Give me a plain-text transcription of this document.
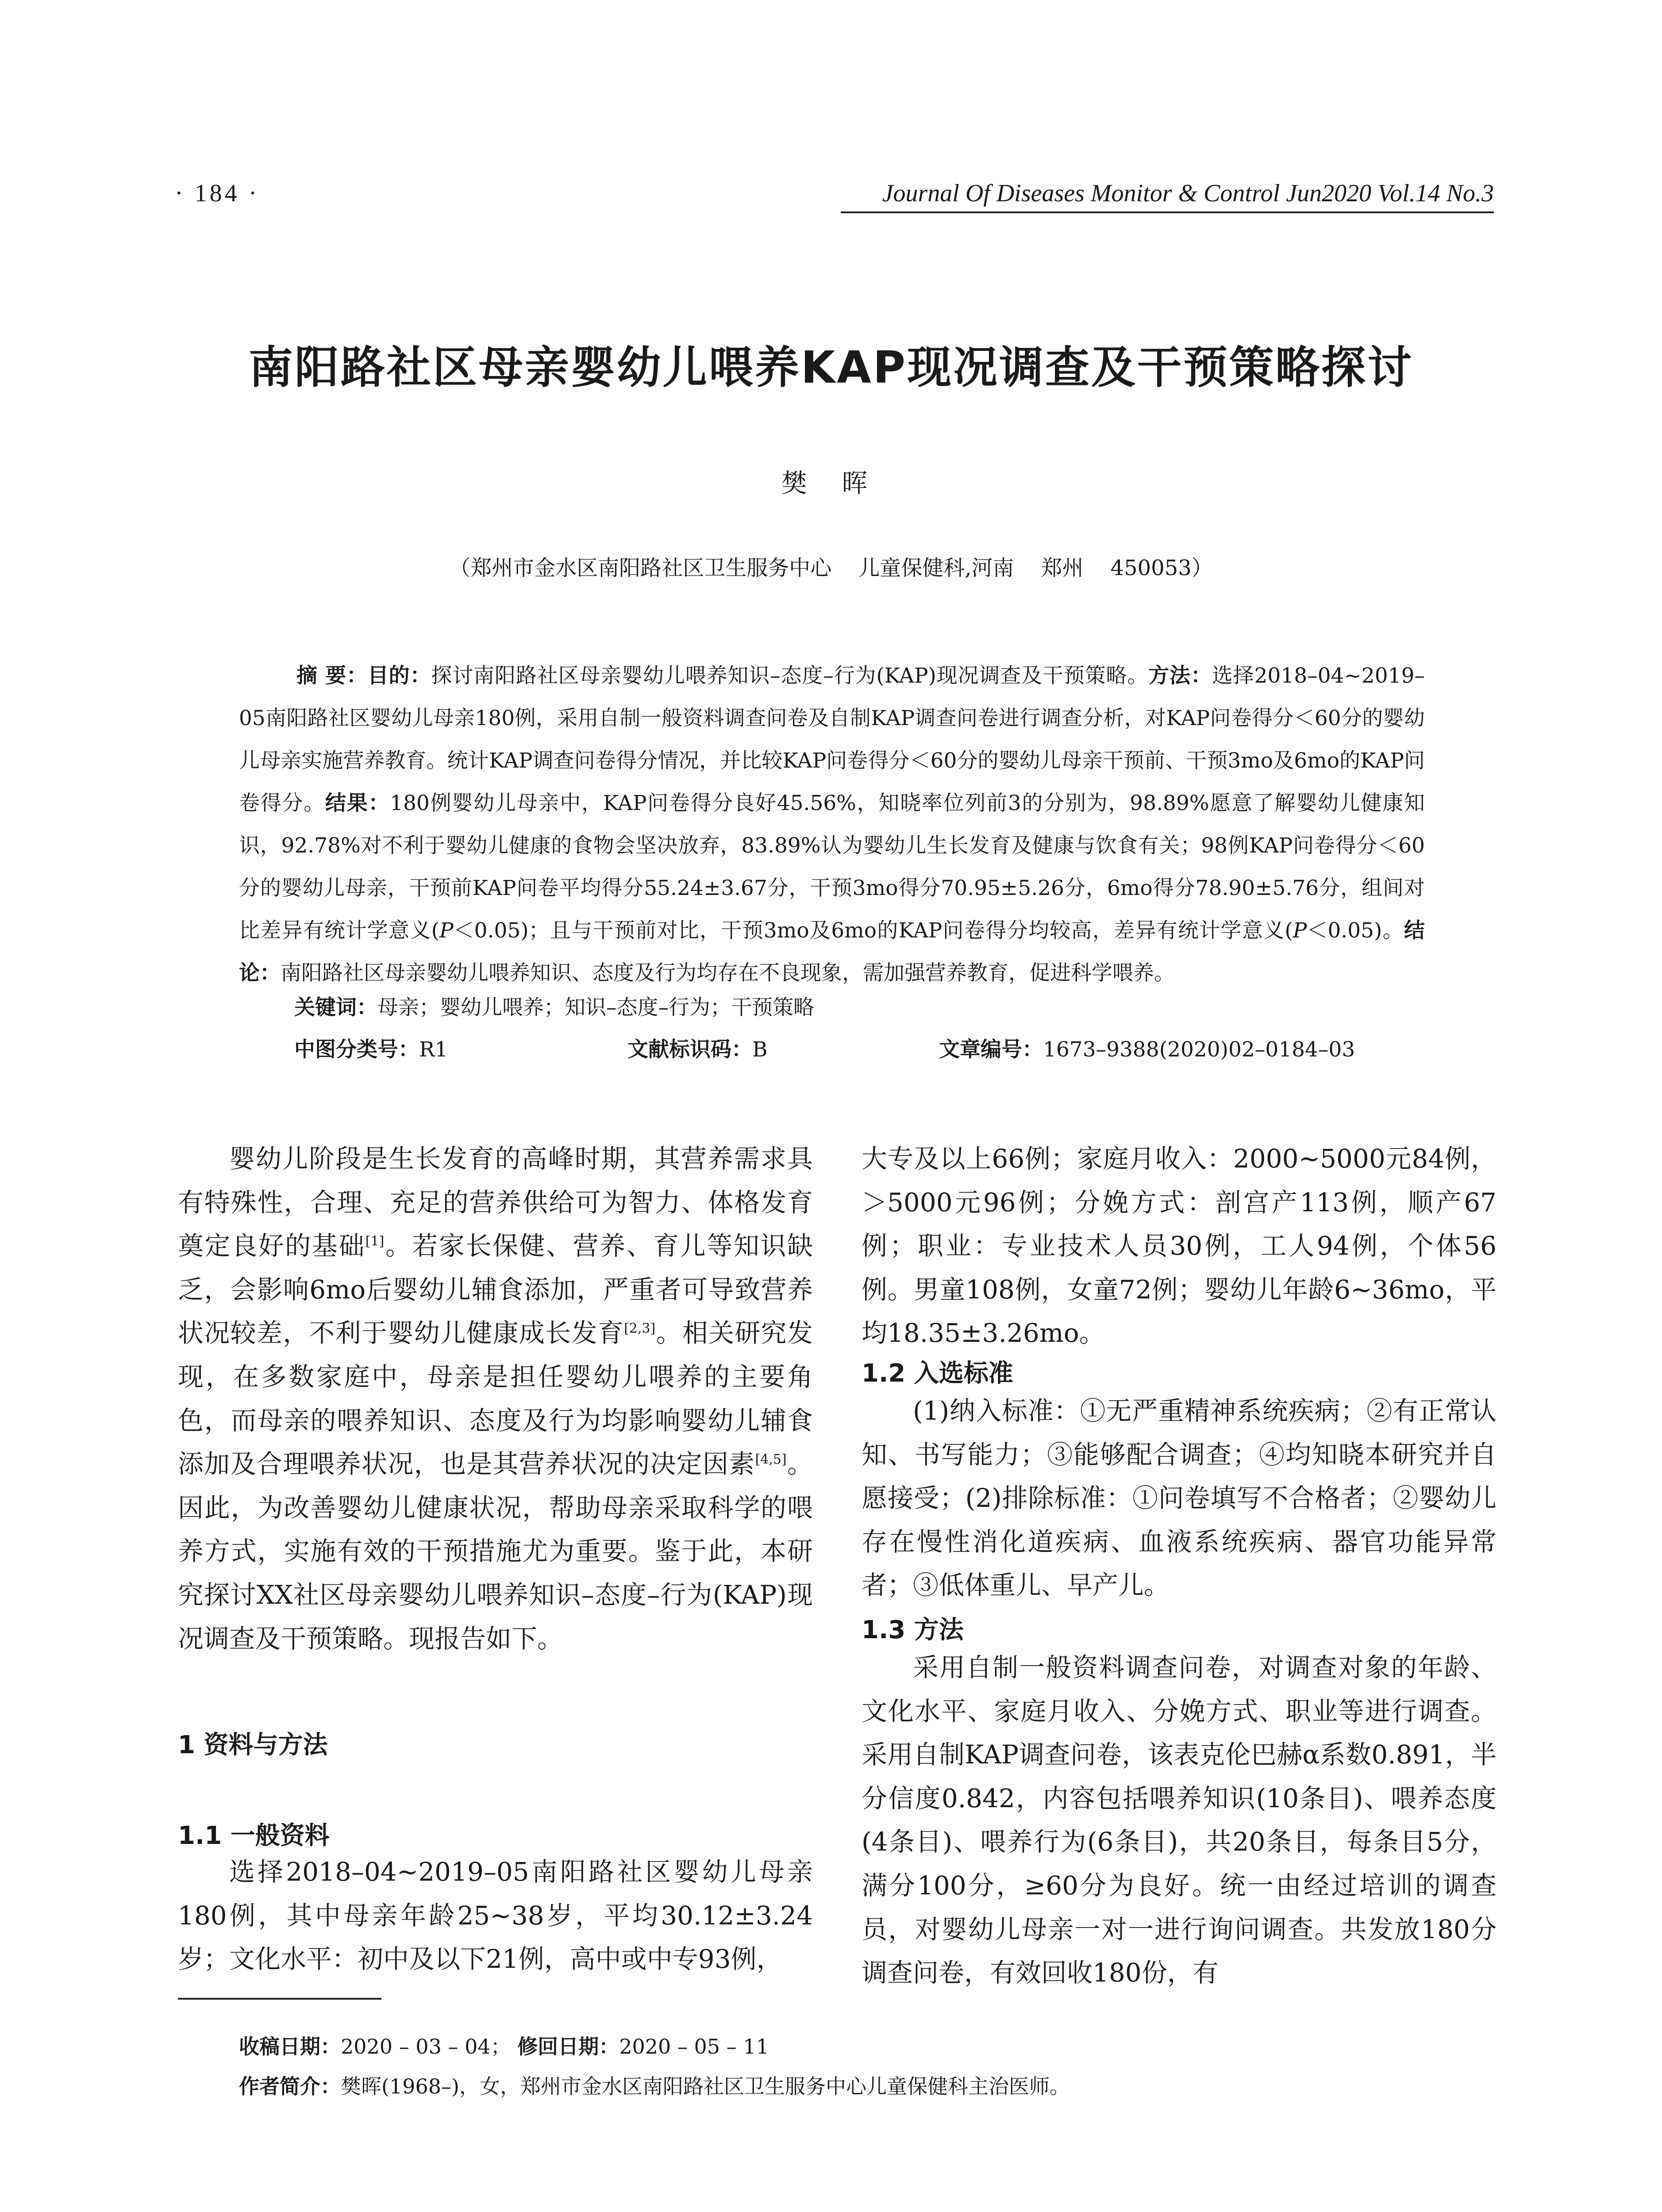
· 184 ·	Journal Of Diseases Monitor & Control Jun2020 Vol.14 No.3
南阳路社区母亲婴幼儿喂养KAP现况调查及干预策略探讨
樊 晖
（郑州市金水区南阳路社区卫生服务中心    儿童保健科,河南    郑州    450053）
摘 要：目的：探讨南阳路社区母亲婴幼儿喂养知识–态度–行为(KAP)现况调查及干预策略。方法：选择2018–04~2019–05南阳路社区婴幼儿母亲180例，采用自制一般资料调查问卷及自制KAP调查问卷进行调查分析，对KAP问卷得分＜60分的婴幼儿母亲实施营养教育。统计KAP调查问卷得分情况，并比较KAP问卷得分＜60分的婴幼儿母亲干预前、干预3mo及6mo的KAP问卷得分。结果：180例婴幼儿母亲中，KAP问卷得分良好45.56%，知晓率位列前3的分别为，98.89%愿意了解婴幼儿健康知识，92.78%对不利于婴幼儿健康的食物会坚决放弃，83.89%认为婴幼儿生长发育及健康与饮食有关；98例KAP问卷得分＜60分的婴幼儿母亲，干预前KAP问卷平均得分55.24±3.67分，干预3mo得分70.95±5.26分，6mo得分78.90±5.76分，组间对比差异有统计学意义(P＜0.05)；且与干预前对比，干预3mo及6mo的KAP问卷得分均较高，差异有统计学意义(P＜0.05)。结论：南阳路社区母亲婴幼儿喂养知识、态度及行为均存在不良现象，需加强营养教育，促进科学喂养。
关键词：母亲；婴幼儿喂养；知识–态度–行为；干预策略
中图分类号：R1	文献标识码：B	文章编号：1673–9388(2020)02–0184–03

婴幼儿阶段是生长发育的高峰时期，其营养需求具有特殊性，合理、充足的营养供给可为智力、体格发育奠定良好的基础[1]。若家长保健、营养、育儿等知识缺乏，会影响6mo后婴幼儿辅食添加，严重者可导致营养状况较差，不利于婴幼儿健康成长发育[2,3]。相关研究发现，在多数家庭中，母亲是担任婴幼儿喂养的主要角色，而母亲的喂养知识、态度及行为均影响婴幼儿辅食添加及合理喂养状况，也是其营养状况的决定因素[4,5]。因此，为改善婴幼儿健康状况，帮助母亲采取科学的喂养方式，实施有效的干预措施尤为重要。鉴于此，本研究探讨XX社区母亲婴幼儿喂养知识–态度–行为(KAP)现况调查及干预策略。现报告如下。

1 资料与方法
1.1 一般资料

选择2018–04~2019–05南阳路社区婴幼儿母亲180例，其中母亲年龄25~38岁，平均30.12±3.24岁；文化水平：初中及以下21例，高中或中专93例，

大专及以上66例；家庭月收入：2000~5000元84例，＞5000元96例；分娩方式：剖宫产113例，顺产67例；职业：专业技术人员30例，工人94例，个体56例。男童108例，女童72例；婴幼儿年龄6~36mo，平均18.35±3.26mo。

1.2 入选标准

(1)纳入标准：①无严重精神系统疾病；②有正常认知、书写能力；③能够配合调查；④均知晓本研究并自愿接受；(2)排除标准：①问卷填写不合格者；②婴幼儿存在慢性消化道疾病、血液系统疾病、器官功能异常者；③低体重儿、早产儿。

1.3 方法

采用自制一般资料调查问卷，对调查对象的年龄、文化水平、家庭月收入、分娩方式、职业等进行调查。采用自制KAP调查问卷，该表克伦巴赫α系数0.891，半分信度0.842，内容包括喂养知识(10条目)、喂养态度(4条目)、喂养行为(6条目)，共20条目，每条目5分，满分100分，≥60分为良好。统一由经过培训的调查员，对婴幼儿母亲一对一进行询问调查。共发放180分调查问卷，有效回收180份，有

收稿日期：2020 – 03 – 04； 修回日期：2020 – 05 – 11
作者简介：樊晖(1968–)，女，郑州市金水区南阳路社区卫生服务中心儿童保健科主治医师。
